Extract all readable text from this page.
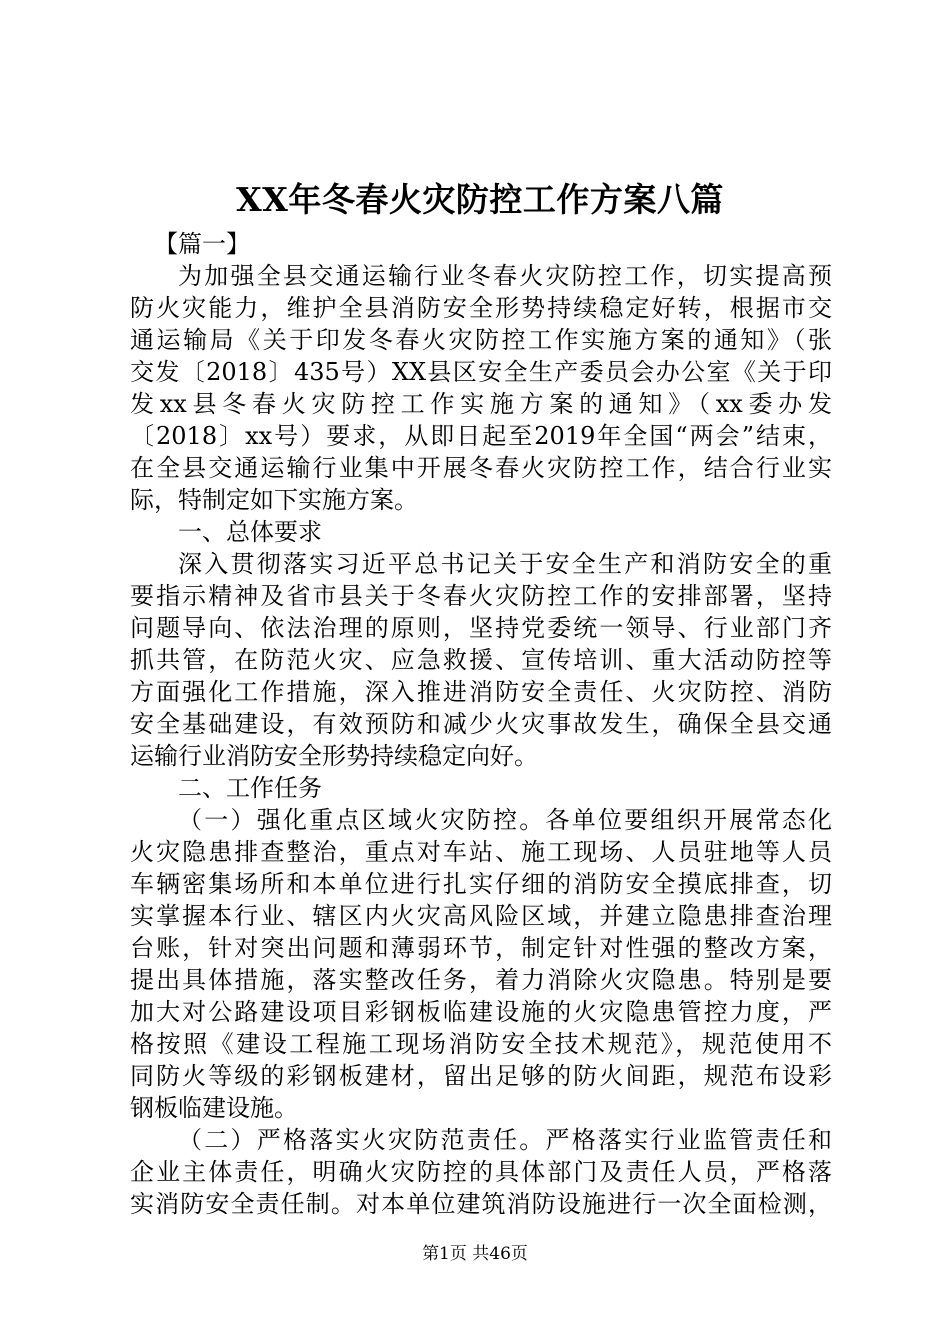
XX年冬春火灾防控工作方案八篇
【篇一】
为加强全县交通运输行业冬春火灾防控工作，切实提高预
防火灾能力，维护全县消防安全形势持续稳定好转，根据市交
通运输局《关于印发冬春火灾防控工作实施方案的通知》（张
交发〔2018〕435号）XX县区安全生产委员会办公室《关于印
发xx县冬春火灾防控工作实施方案的通知》（xx委办发
〔2018〕xx号）要求，从即日起至2019年全国“两会”结束，
在全县交通运输行业集中开展冬春火灾防控工作，结合行业实
际，特制定如下实施方案。
一、总体要求
深入贯彻落实习近平总书记关于安全生产和消防安全的重
要指示精神及省市县关于冬春火灾防控工作的安排部署，坚持
问题导向、依法治理的原则，坚持党委统一领导、行业部门齐
抓共管，在防范火灾、应急救援、宣传培训、重大活动防控等
方面强化工作措施，深入推进消防安全责任、火灾防控、消防
安全基础建设，有效预防和减少火灾事故发生，确保全县交通
运输行业消防安全形势持续稳定向好。
二、工作任务
（一）强化重点区域火灾防控。各单位要组织开展常态化
火灾隐患排查整治，重点对车站、施工现场、人员驻地等人员
车辆密集场所和本单位进行扎实仔细的消防安全摸底排查，切
实掌握本行业、辖区内火灾高风险区域，并建立隐患排查治理
台账，针对突出问题和薄弱环节，制定针对性强的整改方案，
提出具体措施，落实整改任务，着力消除火灾隐患。特别是要
加大对公路建设项目彩钢板临建设施的火灾隐患管控力度，严
格按照《建设工程施工现场消防安全技术规范》，规范使用不
同防火等级的彩钢板建材，留出足够的防火间距，规范布设彩
钢板临建设施。
（二）严格落实火灾防范责任。严格落实行业监管责任和
企业主体责任，明确火灾防控的具体部门及责任人员，严格落
实消防安全责任制。对本单位建筑消防设施进行一次全面检测，
第1页 共46页
